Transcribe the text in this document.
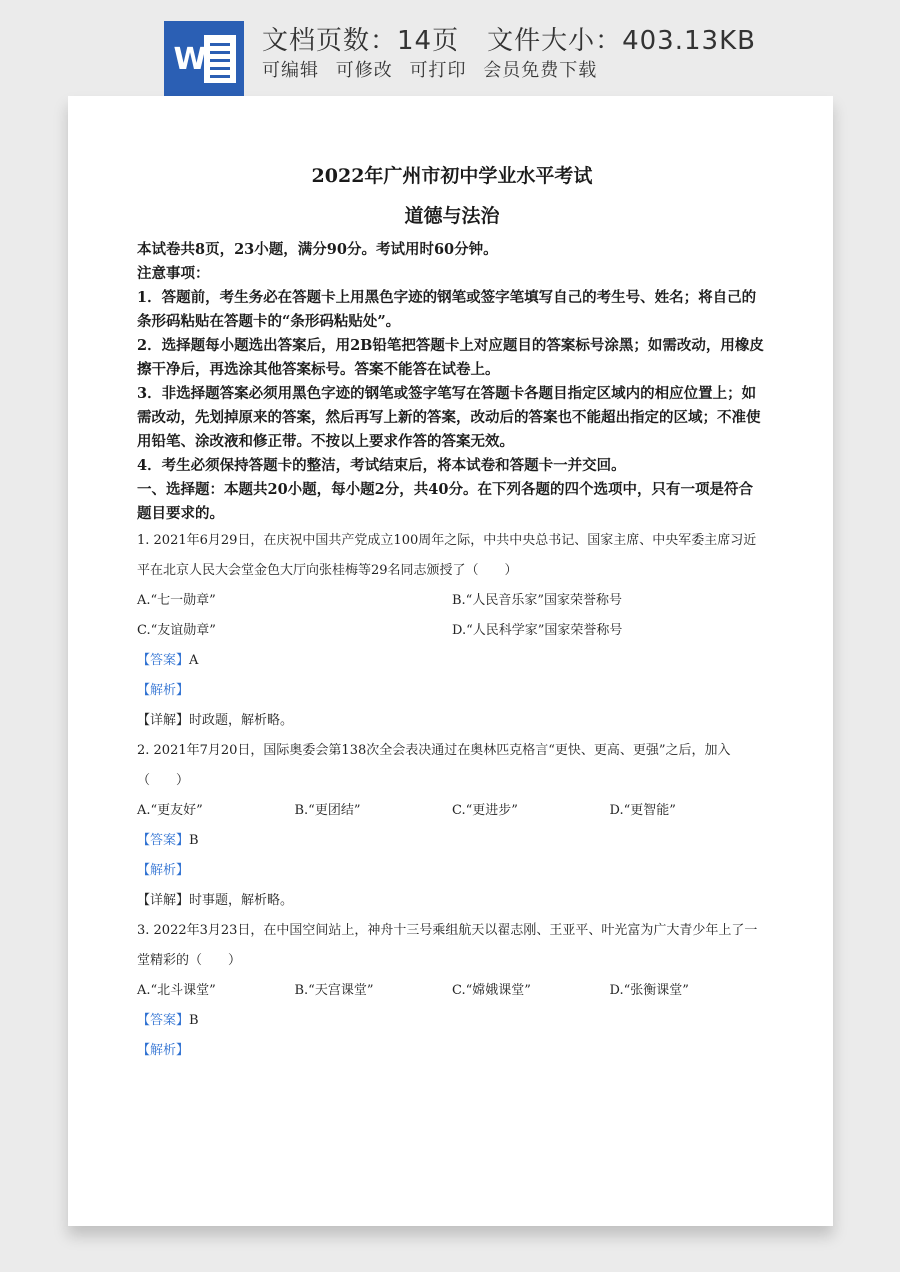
W
文档页数：14页 文件大小：403.13KB
可编辑 可修改 可打印 会员免费下载
2022年广州市初中学业水平考试
道德与法治
本试卷共8页，23小题，满分90分。考试用时60分钟。
注意事项：
1．答题前，考生务必在答题卡上用黑色字迹的钢笔或签字笔填写自己的考生号、姓名；将自己的条形码粘贴在答题卡的“条形码粘贴处”。
2．选择题每小题选出答案后，用2B铅笔把答题卡上对应题目的答案标号涂黑；如需改动，用橡皮擦干净后，再选涂其他答案标号。答案不能答在试卷上。
3．非选择题答案必须用黑色字迹的钢笔或签字笔写在答题卡各题目指定区域内的相应位置上；如需改动，先划掉原来的答案，然后再写上新的答案，改动后的答案也不能超出指定的区域；不准使用铅笔、涂改液和修正带。不按以上要求作答的答案无效。
4．考生必须保持答题卡的整洁，考试结束后，将本试卷和答题卡一并交回。
一、选择题：本题共20小题，每小题2分，共40分。在下列各题的四个选项中，只有一项是符合题目要求的。
1. 2021年6月29日，在庆祝中国共产党成立100周年之际，中共中央总书记、国家主席、中央军委主席习近平在北京人民大会堂金色大厅向张桂梅等29名同志颁授了（　　）
A.“七一勋章”	B.“人民音乐家”国家荣誉称号
C.“友谊勋章”	D.“人民科学家”国家荣誉称号
【答案】A
【解析】
【详解】时政题，解析略。
2. 2021年7月20日，国际奥委会第138次全会表决通过在奥林匹克格言“更快、更高、更强”之后，加入（　　）
A.“更友好”	B.“更团结”	C.“更进步”	D.“更智能”
【答案】B
【解析】
【详解】时事题，解析略。
3. 2022年3月23日，在中国空间站上，神舟十三号乘组航天以翟志刚、王亚平、叶光富为广大青少年上了一堂精彩的（　　）
A.“北斗课堂”	B.“天宫课堂”	C.“嫦娥课堂”	D.“张衡课堂”
【答案】B
【解析】
